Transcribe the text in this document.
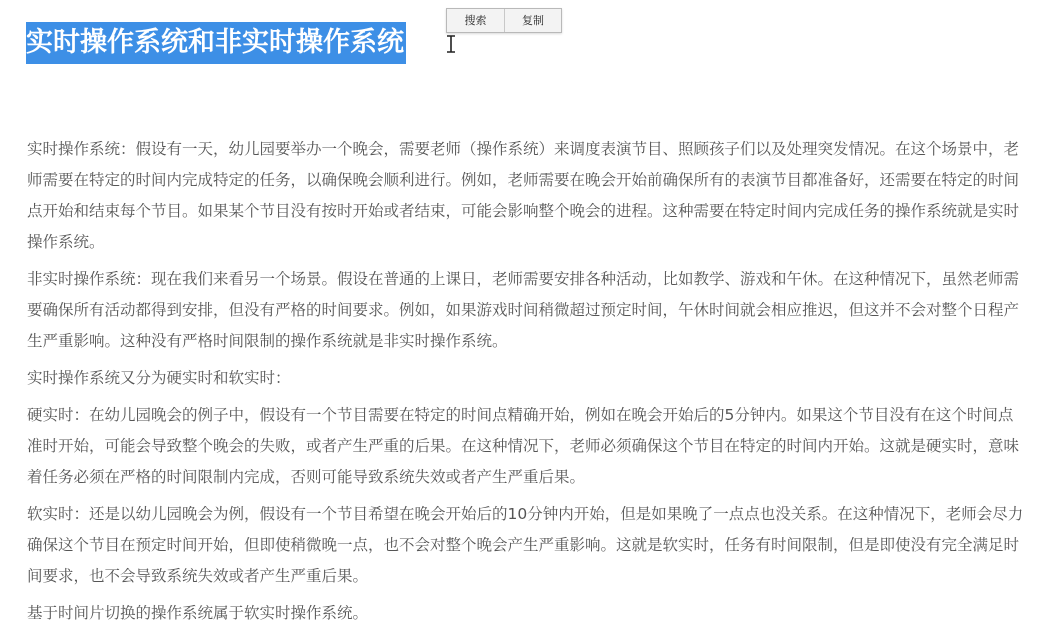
实时操作系统和非实时操作系统
搜索	复制

实时操作系统：假设有一天，幼儿园要举办一个晚会，需要老师（操作系统）来调度表演节目、照顾孩子们以及处理突发情况。在这个场景中，老师需要在特定的时间内完成特定的任务，以确保晚会顺利进行。例如，老师需要在晚会开始前确保所有的表演节目都准备好，还需要在特定的时间点开始和结束每个节目。如果某个节目没有按时开始或者结束，可能会影响整个晚会的进程。这种需要在特定时间内完成任务的操作系统就是实时操作系统。

非实时操作系统：现在我们来看另一个场景。假设在普通的上课日，老师需要安排各种活动，比如教学、游戏和午休。在这种情况下，虽然老师需要确保所有活动都得到安排，但没有严格的时间要求。例如，如果游戏时间稍微超过预定时间，午休时间就会相应推迟，但这并不会对整个日程产生严重影响。这种没有严格时间限制的操作系统就是非实时操作系统。

实时操作系统又分为硬实时和软实时：

硬实时：在幼儿园晚会的例子中，假设有一个节目需要在特定的时间点精确开始，例如在晚会开始后的5分钟内。如果这个节目没有在这个时间点准时开始，可能会导致整个晚会的失败，或者产生严重的后果。在这种情况下，老师必须确保这个节目在特定的时间内开始。这就是硬实时，意味着任务必须在严格的时间限制内完成，否则可能导致系统失效或者产生严重后果。

软实时：还是以幼儿园晚会为例，假设有一个节目希望在晚会开始后的10分钟内开始，但是如果晚了一点点也没关系。在这种情况下，老师会尽力确保这个节目在预定时间开始，但即使稍微晚一点，也不会对整个晚会产生严重影响。这就是软实时，任务有时间限制，但是即使没有完全满足时间要求，也不会导致系统失效或者产生严重后果。

基于时间片切换的操作系统属于软实时操作系统。
